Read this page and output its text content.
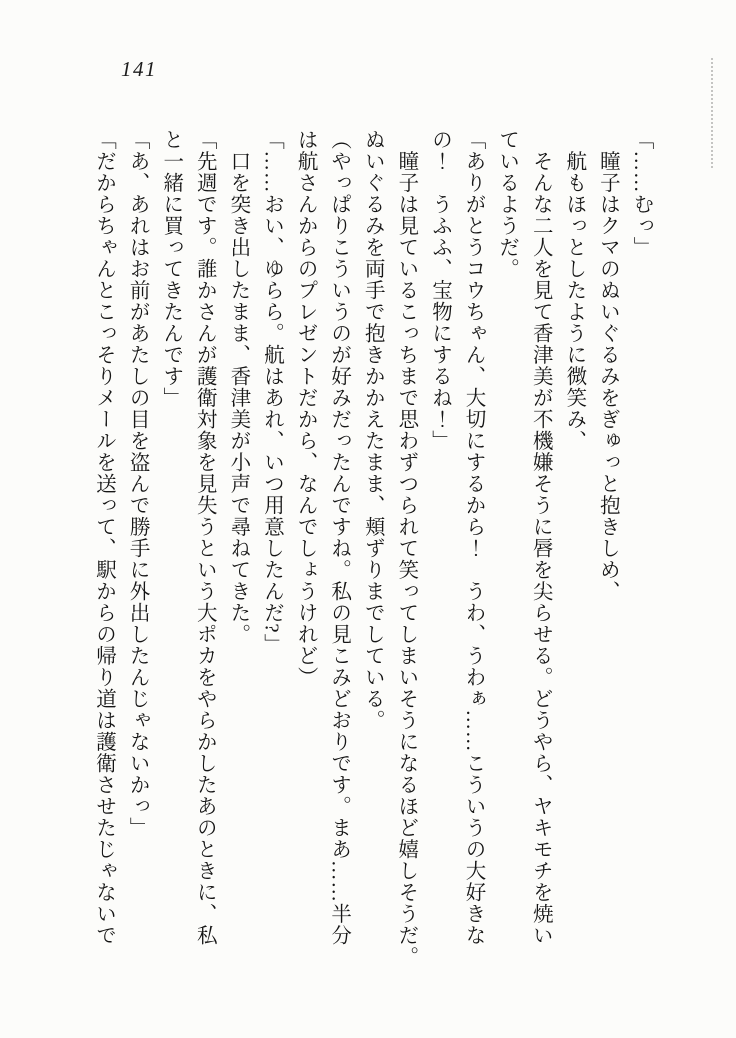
141

「……むっ」

　瞳子はクマのぬいぐるみをぎゅっと抱きしめ、

　航もほっとしたように微笑み、

　そんな二人を見て香津美が不機嫌そうに唇を尖らせる。どうやら、ヤキモチを焼い

ているようだ。

「ありがとうコウちゃん、大切にするから！　うわ、うわぁ……こういうの大好きな

の！　うふふ、宝物にするね！」

　瞳子は見ているこっちまで思わずつられて笑ってしまいそうになるほど嬉しそうだ。

ぬいぐるみを両手で抱きかかえたまま、頬ずりまでしている。

（やっぱりこういうのが好みだったんですね。私の見こみどおりです。まあ……半分

は航さんからのプレゼントだから、なんでしょうけれど）

「……おい、ゆらら。航はあれ、いつ用意したんだ?」

　口を突き出したまま、香津美が小声で尋ねてきた。

「先週です。誰かさんが護衛対象を見失うという大ポカをやらかしたあのときに、私

と一緒に買ってきたんです」

「あ、あれはお前があたしの目を盗んで勝手に外出したんじゃないかっ」

「だからちゃんとこっそりメールを送って、駅からの帰り道は護衛させたじゃないで
